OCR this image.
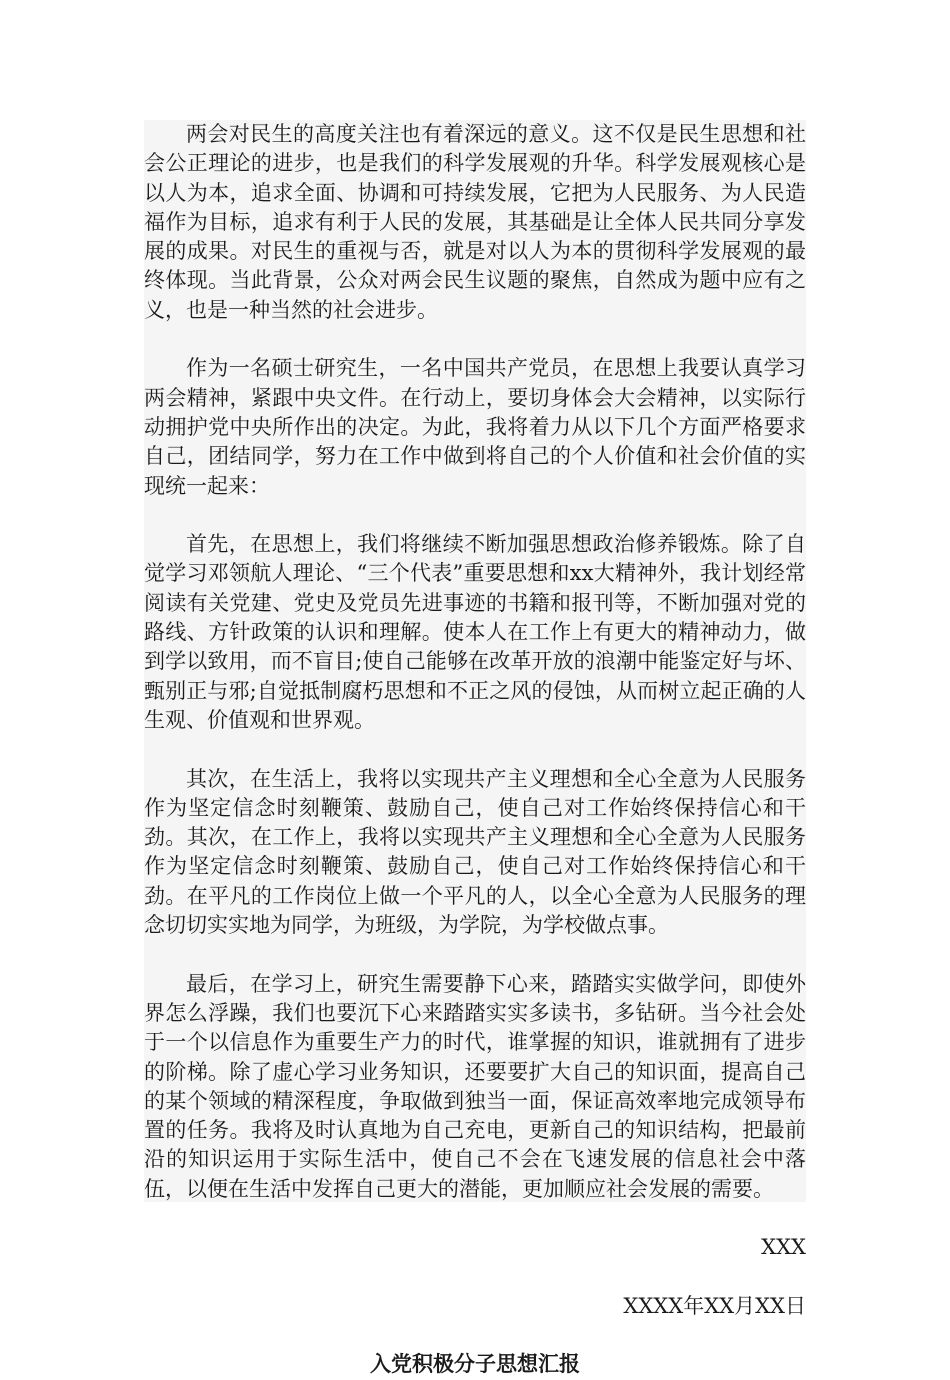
两会对民生的高度关注也有着深远的意义。这不仅是民生思想和社会公正理论的进步，也是我们的科学发展观的升华。科学发展观核心是以人为本，追求全面、协调和可持续发展，它把为人民服务、为人民造福作为目标，追求有利于人民的发展，其基础是让全体人民共同分享发展的成果。对民生的重视与否，就是对以人为本的贯彻科学发展观的最终体现。当此背景，公众对两会民生议题的聚焦，自然成为题中应有之义，也是一种当然的社会进步。

作为一名硕士研究生，一名中国共产党员，在思想上我要认真学习两会精神，紧跟中央文件。在行动上，要切身体会大会精神，以实际行动拥护党中央所作出的决定。为此，我将着力从以下几个方面严格要求自己，团结同学，努力在工作中做到将自己的个人价值和社会价值的实现统一起来：

首先，在思想上，我们将继续不断加强思想政治修养锻炼。除了自觉学习邓领航人理论、“三个代表”重要思想和xx大精神外，我计划经常阅读有关党建、党史及党员先进事迹的书籍和报刊等，不断加强对党的路线、方针政策的认识和理解。使本人在工作上有更大的精神动力，做到学以致用，而不盲目;使自己能够在改革开放的浪潮中能鉴定好与坏、甄别正与邪;自觉抵制腐朽思想和不正之风的侵蚀，从而树立起正确的人生观、价值观和世界观。

其次，在生活上，我将以实现共产主义理想和全心全意为人民服务作为坚定信念时刻鞭策、鼓励自己，使自己对工作始终保持信心和干劲。其次，在工作上，我将以实现共产主义理想和全心全意为人民服务作为坚定信念时刻鞭策、鼓励自己，使自己对工作始终保持信心和干劲。在平凡的工作岗位上做一个平凡的人，以全心全意为人民服务的理念切切实实地为同学，为班级，为学院，为学校做点事。

最后，在学习上，研究生需要静下心来，踏踏实实做学问，即使外界怎么浮躁，我们也要沉下心来踏踏实实多读书，多钻研。当今社会处于一个以信息作为重要生产力的时代，谁掌握的知识，谁就拥有了进步的阶梯。除了虚心学习业务知识，还要要扩大自己的知识面，提高自己的某个领域的精深程度，争取做到独当一面，保证高效率地完成领导布置的任务。我将及时认真地为自己充电，更新自己的知识结构，把最前沿的知识运用于实际生活中，使自己不会在飞速发展的信息社会中落伍，以便在生活中发挥自己更大的潜能，更加顺应社会发展的需要。

XXX

XXXX年XX月XX日

入党积极分子思想汇报
